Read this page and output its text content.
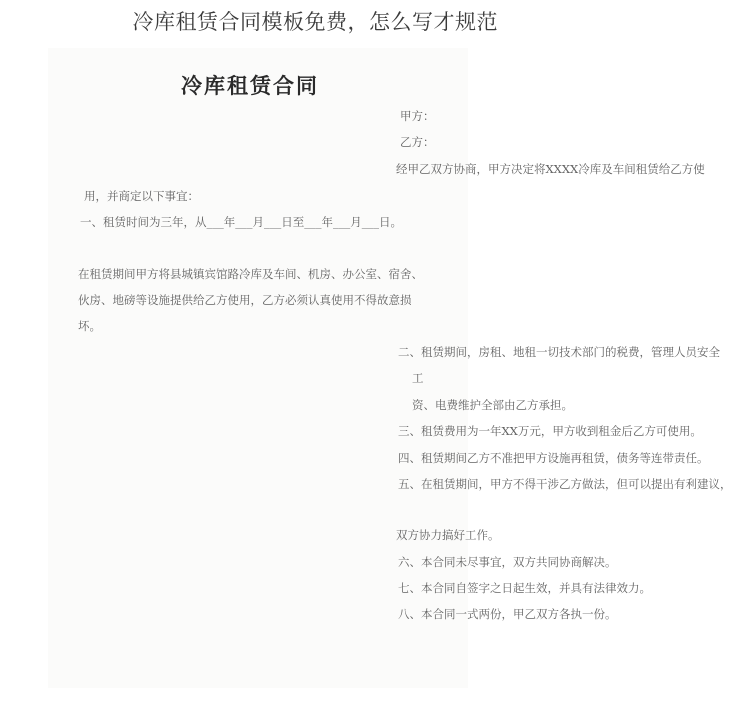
冷库租赁合同模板免费，怎么写才规范
冷库租赁合同
甲方：
乙方：
经甲乙双方协商，甲方决定将XXXX冷库及车间租赁给乙方使
用，并商定以下事宜：
一、租赁时间为三年，从___年___月___日至___年___月___日。
在租赁期间甲方将县城镇宾馆路冷库及车间、机房、办公室、宿舍、
伙房、地磅等设施提供给乙方使用，乙方必须认真使用不得故意损
坏。
二、租赁期间，房租、地租一切技术部门的税费，管理人员安全
工
资、电费维护全部由乙方承担。
三、租赁费用为一年XX万元，甲方收到租金后乙方可使用。
四、租赁期间乙方不准把甲方设施再租赁，债务等连带责任。
五、在租赁期间，甲方不得干涉乙方做法，但可以提出有利建议，
双方协力搞好工作。
六、本合同未尽事宜，双方共同协商解决。
七、本合同自签字之日起生效，并具有法律效力。
八、本合同一式两份，甲乙双方各执一份。
